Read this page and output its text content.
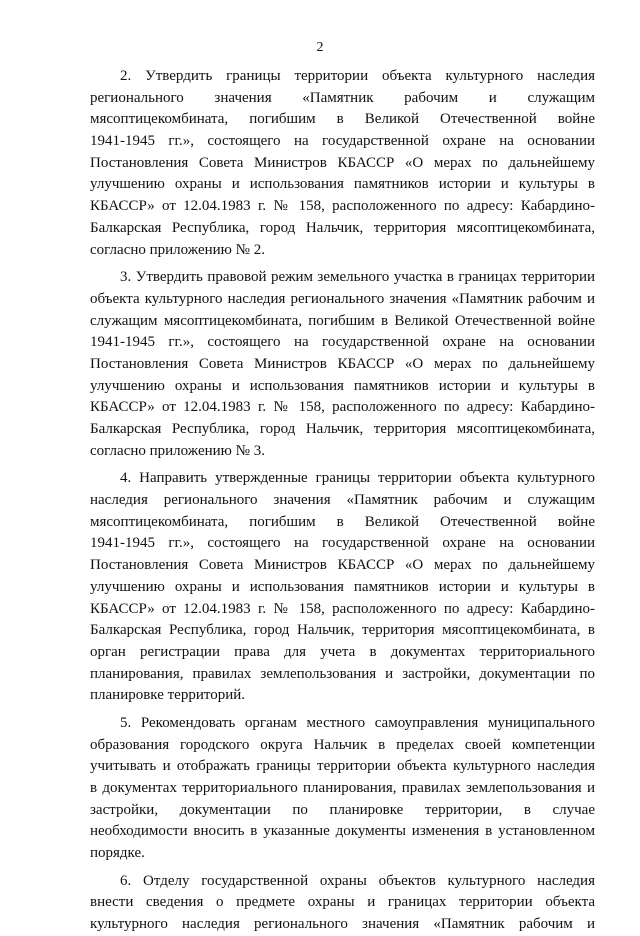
2
2. Утвердить границы территории объекта культурного наследия
регионального значения «Памятник рабочим и служащим
мясоптицекомбината, погибшим в Великой Отечественной войне
1941-1945 гг.», состоящего на государственной охране на основании
Постановления Совета Министров КБАССР «О мерах по дальнейшему
улучшению охраны и использования памятников истории и культуры в
КБАССР» от 12.04.1983 г. № 158, расположенного по адресу: Кабардино-
Балкарская Республика, город Нальчик, территория мясоптицекомбината,
согласно приложению № 2.
3. Утвердить правовой режим земельного участка в границах территории
объекта культурного наследия регионального значения «Памятник рабочим и
служащим мясоптицекомбината, погибшим в Великой Отечественной войне
1941-1945 гг.», состоящего на государственной охране на основании
Постановления Совета Министров КБАССР «О мерах по дальнейшему
улучшению охраны и использования памятников истории и культуры в
КБАССР» от 12.04.1983 г. № 158, расположенного по адресу: Кабардино-
Балкарская Республика, город Нальчик, территория мясоптицекомбината,
согласно приложению № 3.
4. Направить утвержденные границы территории объекта культурного
наследия регионального значения «Памятник рабочим и служащим
мясоптицекомбината, погибшим в Великой Отечественной войне
1941-1945 гг.», состоящего на государственной охране на основании
Постановления Совета Министров КБАССР «О мерах по дальнейшему
улучшению охраны и использования памятников истории и культуры в
КБАССР» от 12.04.1983 г. № 158, расположенного по адресу: Кабардино-
Балкарская Республика, город Нальчик, территория мясоптицекомбината, в
орган регистрации права для учета в документах территориального
планирования, правилах землепользования и застройки, документации по
планировке территорий.
5. Рекомендовать органам местного самоуправления муниципального
образования городского округа Нальчик в пределах своей компетенции
учитывать и отображать границы территории объекта культурного наследия
в документах территориального планирования, правилах землепользования и
застройки, документации по планировке территории, в случае
необходимости вносить в указанные документы изменения в установленном
порядке.
6. Отделу государственной охраны объектов культурного наследия
внести сведения о предмете охраны и границах территории объекта
культурного наследия регионального значения «Памятник рабочим и
